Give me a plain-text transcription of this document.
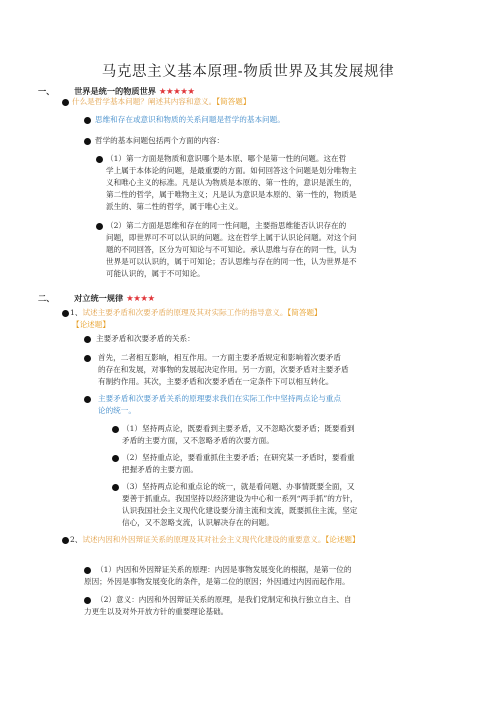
马克思主义基本原理-物质世界及其发展规律
一、 世界是统一的物质世界 ★★★★★
什么是哲学基本问题？阐述其内容和意义。【简答题】
思维和存在或意识和物质的关系问题是哲学的基本问题。
哲学的基本问题包括两个方面的内容：
（1）第一方面是物质和意识哪个是本原、哪个是第一性的问题。这在哲
学上属于本体论的问题，是最重要的方面。如何回答这个问题是划分唯物主
义和唯心主义的标准。凡是认为物质是本原的、第一性的，意识是派生的，
第二性的哲学，属于唯物主义；凡是认为意识是本原的、第一性的，物质是
派生的、第二性的哲学，属于唯心主义。
（2）第二方面是思维和存在的同一性问题，主要指思维能否认识存在的
问题，即世界可不可以认识的问题。这在哲学上属于认识论问题。对这个问
题的不同回答，区分为可知论与不可知论。承认思维与存在的同一性，认为
世界是可以认识的，属于可知论；否认思维与存在的同一性，认为世界是不
可能认识的，属于不可知论。
二、 对立统一规律 ★★★★
1、试述主要矛盾和次要矛盾的原理及其对实际工作的指导意义。【简答题】
【论述题】
主要矛盾和次要矛盾的关系：
首先，二者相互影响，相互作用。一方面主要矛盾规定和影响着次要矛盾
的存在和发展，对事物的发展起决定作用。另一方面，次要矛盾对主要矛盾
有制约作用。其次，主要矛盾和次要矛盾在一定条件下可以相互转化。
主要矛盾和次要矛盾关系的原理要求我们在实际工作中坚持两点论与重点
论的统一。
（1）坚持两点论，既要看到主要矛盾，又不忽略次要矛盾；既要看到
矛盾的主要方面，又不忽略矛盾的次要方面。
（2）坚持重点论，要看重抓住主要矛盾；在研究某一矛盾时，要看重
把握矛盾的主要方面。
（3）坚持两点论和重点论的统一，就是看问题、办事情既要全面，又
要善于抓重点。我国坚持以经济建设为中心和一系列“两手抓”的方针，
认识我国社会主义现代化建设要分清主流和支流，既要抓住主流，坚定
信心，又不忽略支流，认识解决存在的问题。
2、试述内因和外因辩证关系的原理及其对社会主义现代化建设的重要意义。【论述题】
（1）内因和外因辩证关系的原理：内因是事物发展变化的根据，是第一位的
原因；外因是事物发展变化的条件，是第二位的原因；外因通过内因而起作用。
（2）意义：内因和外因辩证关系的原理，是我们党制定和执行独立自主、自
力更生以及对外开放方针的重要理论基础。
